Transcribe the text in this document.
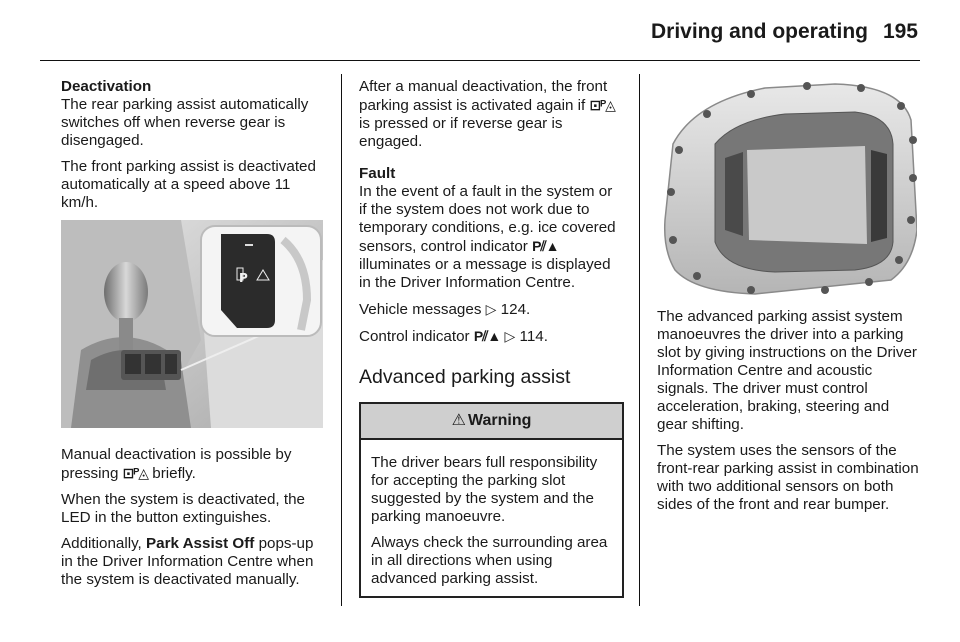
Driving and operating 195

Deactivation

The rear parking assist automatically switches off when reverse gear is disengaged.

The front parking assist is deactivated automatically at a speed above 11 km/h.

P

Manual deactivation is possible by pressing ⊡ᴾ◬ briefly.

When the system is deactivated, the LED in the button extinguishes.

Additionally, Park Assist Off pops-up in the Driver Information Centre when the system is deactivated manually.

After a manual deactivation, the front parking assist is activated again if ⊡ᴾ◬ is pressed or if reverse gear is engaged.

Fault

In the event of a fault in the system or if the system does not work due to temporary conditions, e.g. ice covered sensors, control indicator P⫽▲ illuminates or a message is displayed in the Driver Information Centre.

Vehicle messages ▷ 124.

Control indicator P⫽▲ ▷ 114.

Advanced parking assist

⚠ Warning

The driver bears full responsibility for accepting the parking slot suggested by the system and the parking manoeuvre.

Always check the surrounding area in all directions when using advanced parking assist.

The advanced parking assist system manoeuvres the driver into a parking slot by giving instructions on the Driver Information Centre and acoustic signals. The driver must control acceleration, braking, steering and gear shifting.

The system uses the sensors of the front-rear parking assist in combination with two additional sensors on both sides of the front and rear bumper.
